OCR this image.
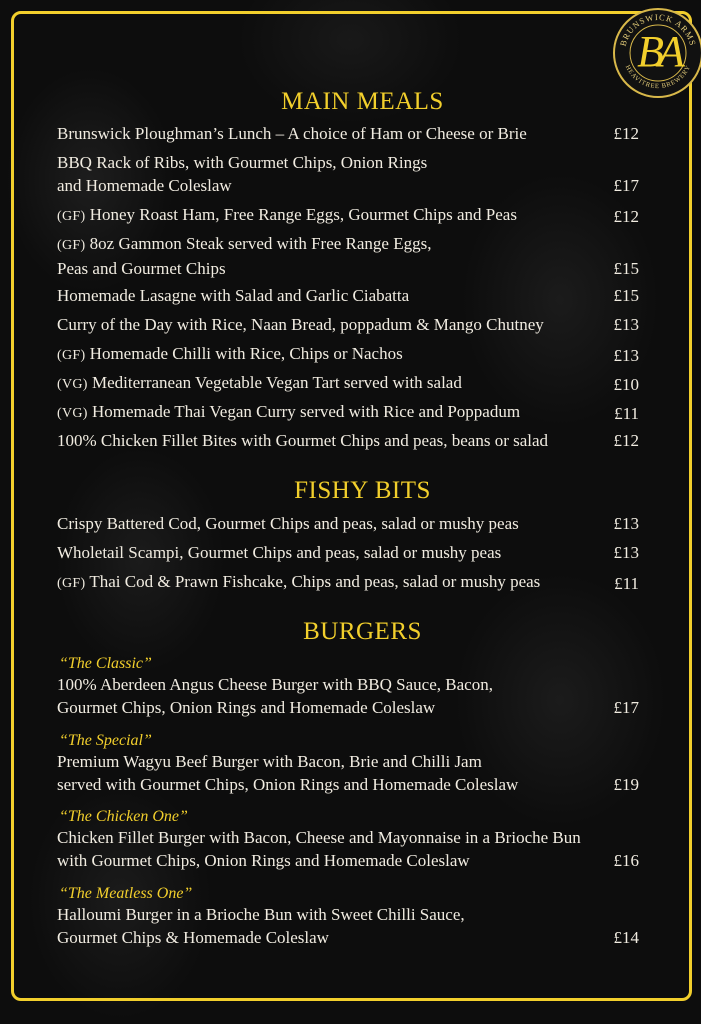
BRUNSWICK ARMS
HEAVITREE BREWERY
BA
MAIN MEALS
Brunswick Ploughman’s Lunch – A choice of Ham or Cheese or Brie	£12
BBQ Rack of Ribs, with Gourmet Chips, Onion Rings
and Homemade Coleslaw	£17
(GF) Honey Roast Ham, Free Range Eggs, Gourmet Chips and Peas	£12
(GF) 8oz Gammon Steak served with Free Range Eggs,
Peas and Gourmet Chips	£15
Homemade Lasagne with Salad and Garlic Ciabatta	£15
Curry of the Day with Rice, Naan Bread, poppadum & Mango Chutney	£13
(GF) Homemade Chilli with Rice, Chips or Nachos	£13
(VG) Mediterranean Vegetable Vegan Tart served with salad	£10
(VG) Homemade Thai Vegan Curry served with Rice and Poppadum	£11
100% Chicken Fillet Bites with Gourmet Chips and peas, beans or salad	£12
FISHY BITS
Crispy Battered Cod, Gourmet Chips and peas, salad or mushy peas	£13
Wholetail Scampi, Gourmet Chips and peas, salad or mushy peas	£13
(GF) Thai Cod & Prawn Fishcake, Chips and peas, salad or mushy peas	£11
BURGERS
“The Classic”
100% Aberdeen Angus Cheese Burger with BBQ Sauce, Bacon,
Gourmet Chips, Onion Rings and Homemade Coleslaw	£17
“The Special”
Premium Wagyu Beef Burger with Bacon, Brie and Chilli Jam
served with Gourmet Chips, Onion Rings and Homemade Coleslaw	£19
“The Chicken One”
Chicken Fillet Burger with Bacon, Cheese and Mayonnaise in a Brioche Bun
with Gourmet Chips, Onion Rings and Homemade Coleslaw	£16
“The Meatless One”
Halloumi Burger in a Brioche Bun with Sweet Chilli Sauce,
Gourmet Chips & Homemade Coleslaw	£14
